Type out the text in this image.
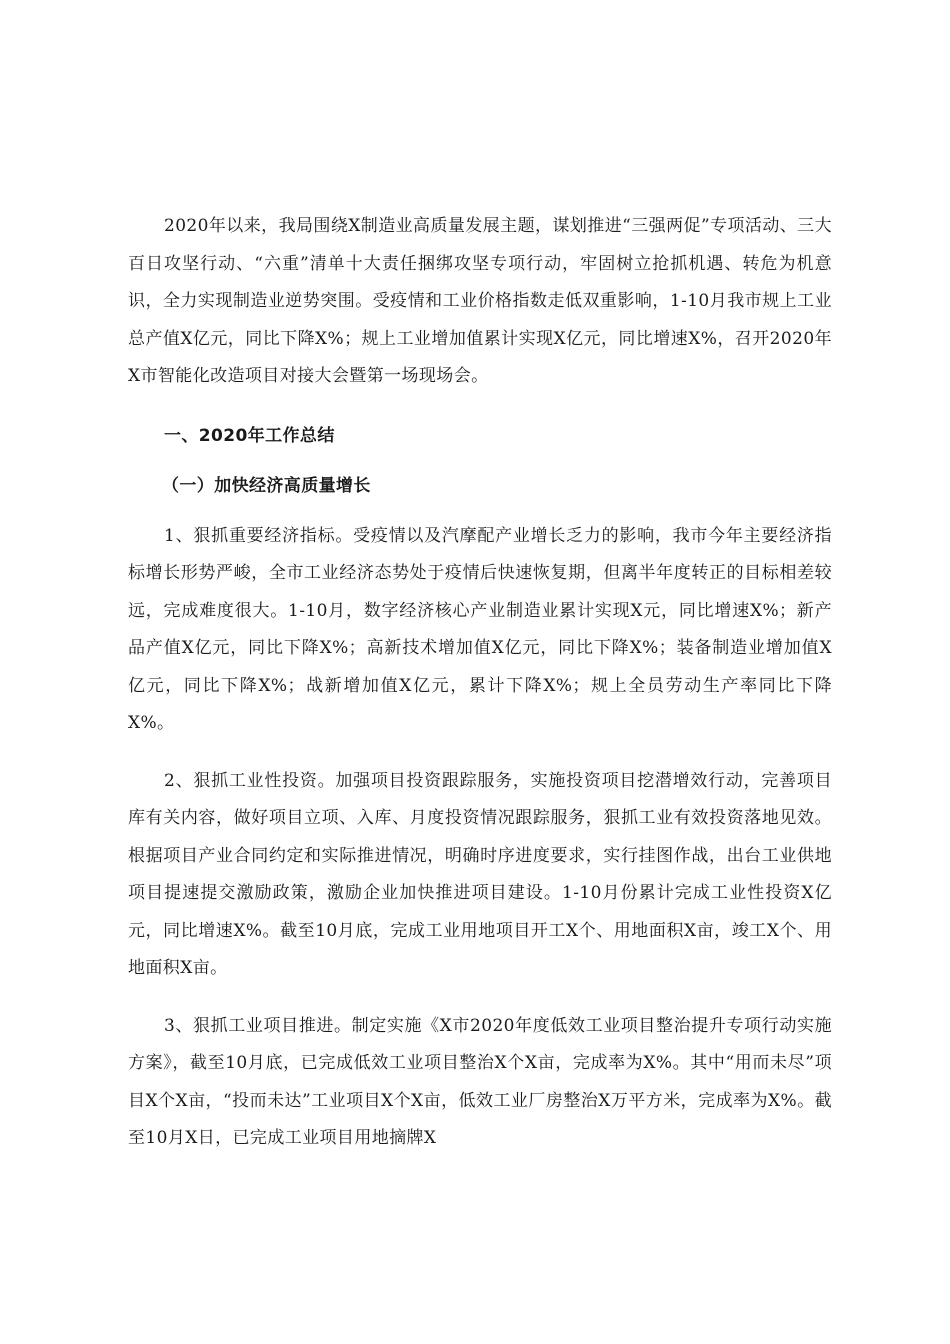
2020年以来，我局围绕X制造业高质量发展主题，谋划推进“三强两促”专项活动、三大百日攻坚行动、“六重”清单十大责任捆绑攻坚专项行动，牢固树立抢抓机遇、转危为机意识，全力实现制造业逆势突围。受疫情和工业价格指数走低双重影响，1-10月我市规上工业总产值X亿元，同比下降X%；规上工业增加值累计实现X亿元，同比增速X%，召开2020年X市智能化改造项目对接大会暨第一场现场会。

一、2020年工作总结
（一）加快经济高质量增长

1、狠抓重要经济指标。受疫情以及汽摩配产业增长乏力的影响，我市今年主要经济指标增长形势严峻，全市工业经济态势处于疫情后快速恢复期，但离半年度转正的目标相差较远，完成难度很大。1-10月，数字经济核心产业制造业累计实现X元，同比增速X%；新产品产值X亿元，同比下降X%；高新技术增加值X亿元，同比下降X%；装备制造业增加值X亿元，同比下降X%；战新增加值X亿元，累计下降X%；规上全员劳动生产率同比下降X%。

2、狠抓工业性投资。加强项目投资跟踪服务，实施投资项目挖潜增效行动，完善项目库有关内容，做好项目立项、入库、月度投资情况跟踪服务，狠抓工业有效投资落地见效。根据项目产业合同约定和实际推进情况，明确时序进度要求，实行挂图作战，出台工业供地项目提速提交激励政策，激励企业加快推进项目建设。1-10月份累计完成工业性投资X亿元，同比增速X%。截至10月底，完成工业用地项目开工X个、用地面积X亩，竣工X个、用地面积X亩。

3、狠抓工业项目推进。制定实施《X市2020年度低效工业项目整治提升专项行动实施方案》，截至10月底，已完成低效工业项目整治X个X亩，完成率为X%。其中“用而未尽”项目X个X亩，“投而未达”工业项目X个X亩，低效工业厂房整治X万平方米，完成率为X%。截至10月X日，已完成工业项目用地摘牌X
